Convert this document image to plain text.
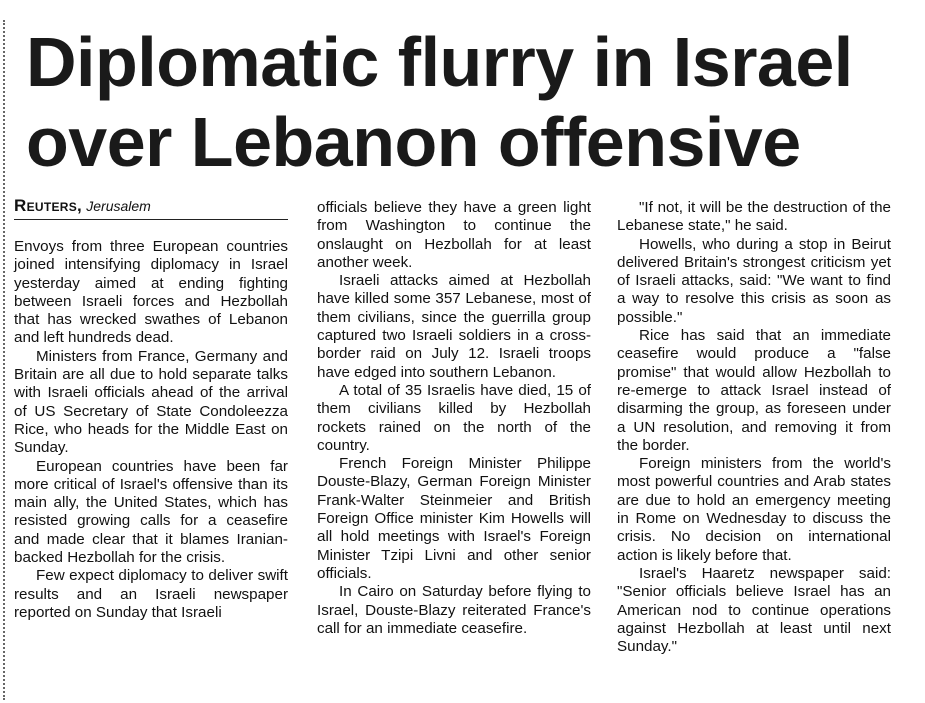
Diplomatic flurry in Israel over Lebanon offensive
Reuters, Jerusalem

Envoys from three European countries joined intensifying diplomacy in Israel yesterday aimed at ending fighting between Israeli forces and Hezbollah that has wrecked swathes of Lebanon and left hundreds dead.

Ministers from France, Germany and Britain are all due to hold separate talks with Israeli officials ahead of the arrival of US Secretary of State Condoleezza Rice, who heads for the Middle East on Sunday.

European countries have been far more critical of Israel's offensive than its main ally, the United States, which has resisted growing calls for a ceasefire and made clear that it blames Iranian-backed Hezbollah for the crisis.

Few expect diplomacy to deliver swift results and an Israeli newspaper reported on Sunday that Israeli

officials believe they have a green light from Washington to continue the onslaught on Hezbollah for at least another week.

Israeli attacks aimed at Hezbollah have killed some 357 Lebanese, most of them civilians, since the guerrilla group captured two Israeli soldiers in a cross-border raid on July 12. Israeli troops have edged into southern Lebanon.

A total of 35 Israelis have died, 15 of them civilians killed by Hezbollah rockets rained on the north of the country.

French Foreign Minister Philippe Douste-Blazy, German Foreign Minister Frank-Walter Steinmeier and British Foreign Office minister Kim Howells will all hold meetings with Israel's Foreign Minister Tzipi Livni and other senior officials.

In Cairo on Saturday before flying to Israel, Douste-Blazy reiterated France's call for an immediate ceasefire.

"If not, it will be the destruction of the Lebanese state," he said.

Howells, who during a stop in Beirut delivered Britain's strongest criticism yet of Israeli attacks, said: "We want to find a way to resolve this crisis as soon as possible."

Rice has said that an immediate ceasefire would produce a "false promise" that would allow Hezbollah to re-emerge to attack Israel instead of disarming the group, as foreseen under a UN resolution, and removing it from the border.

Foreign ministers from the world's most powerful countries and Arab states are due to hold an emergency meeting in Rome on Wednesday to discuss the crisis. No decision on international action is likely before that.

Israel's Haaretz newspaper said: "Senior officials believe Israel has an American nod to continue operations against Hezbollah at least until next Sunday."
